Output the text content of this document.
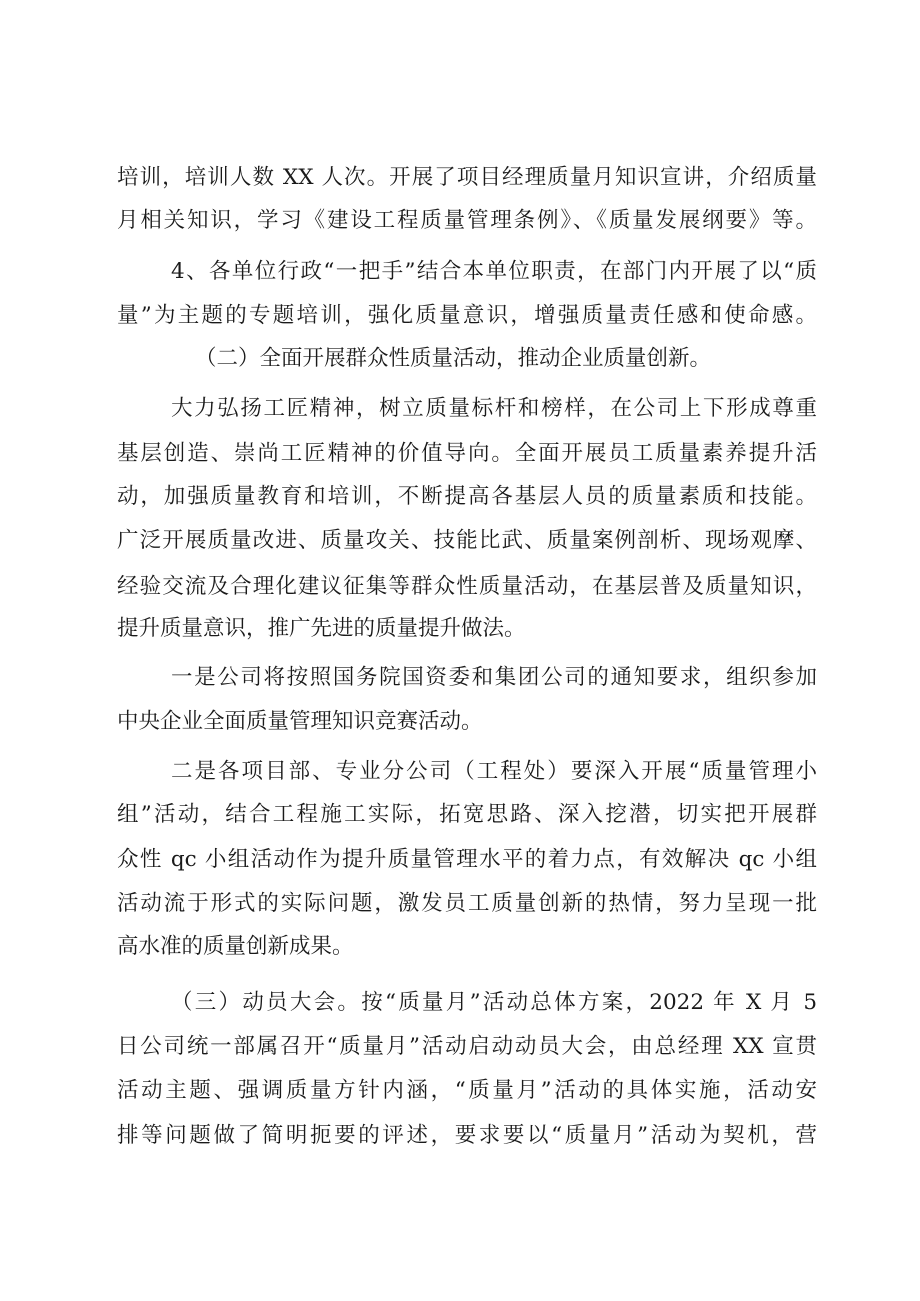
培训，培训人数 XX 人次。开展了项目经理质量月知识宣讲，介绍质量
月相关知识，学习《建设工程质量管理条例》、《质量发展纲要》等。
4、各单位行政“一把手”结合本单位职责，在部门内开展了以“质
量”为主题的专题培训，强化质量意识，增强质量责任感和使命感。
（二）全面开展群众性质量活动，推动企业质量创新。
大力弘扬工匠精神，树立质量标杆和榜样，在公司上下形成尊重
基层创造、崇尚工匠精神的价值导向。全面开展员工质量素养提升活
动，加强质量教育和培训，不断提高各基层人员的质量素质和技能。
广泛开展质量改进、质量攻关、技能比武、质量案例剖析、现场观摩、
经验交流及合理化建议征集等群众性质量活动，在基层普及质量知识，
提升质量意识，推广先进的质量提升做法。
一是公司将按照国务院国资委和集团公司的通知要求，组织参加
中央企业全面质量管理知识竞赛活动。
二是各项目部、专业分公司（工程处）要深入开展“质量管理小
组”活动，结合工程施工实际，拓宽思路、深入挖潜，切实把开展群
众性 qc 小组活动作为提升质量管理水平的着力点，有效解决 qc 小组
活动流于形式的实际问题，激发员工质量创新的热情，努力呈现一批
高水准的质量创新成果。
（三）动员大会。按“质量月”活动总体方案，2022 年 X 月 5
日公司统一部属召开“质量月”活动启动动员大会，由总经理 XX 宣贯
活动主题、强调质量方针内涵，“质量月”活动的具体实施，活动安
排等问题做了简明扼要的评述，要求要以“质量月”活动为契机，营
